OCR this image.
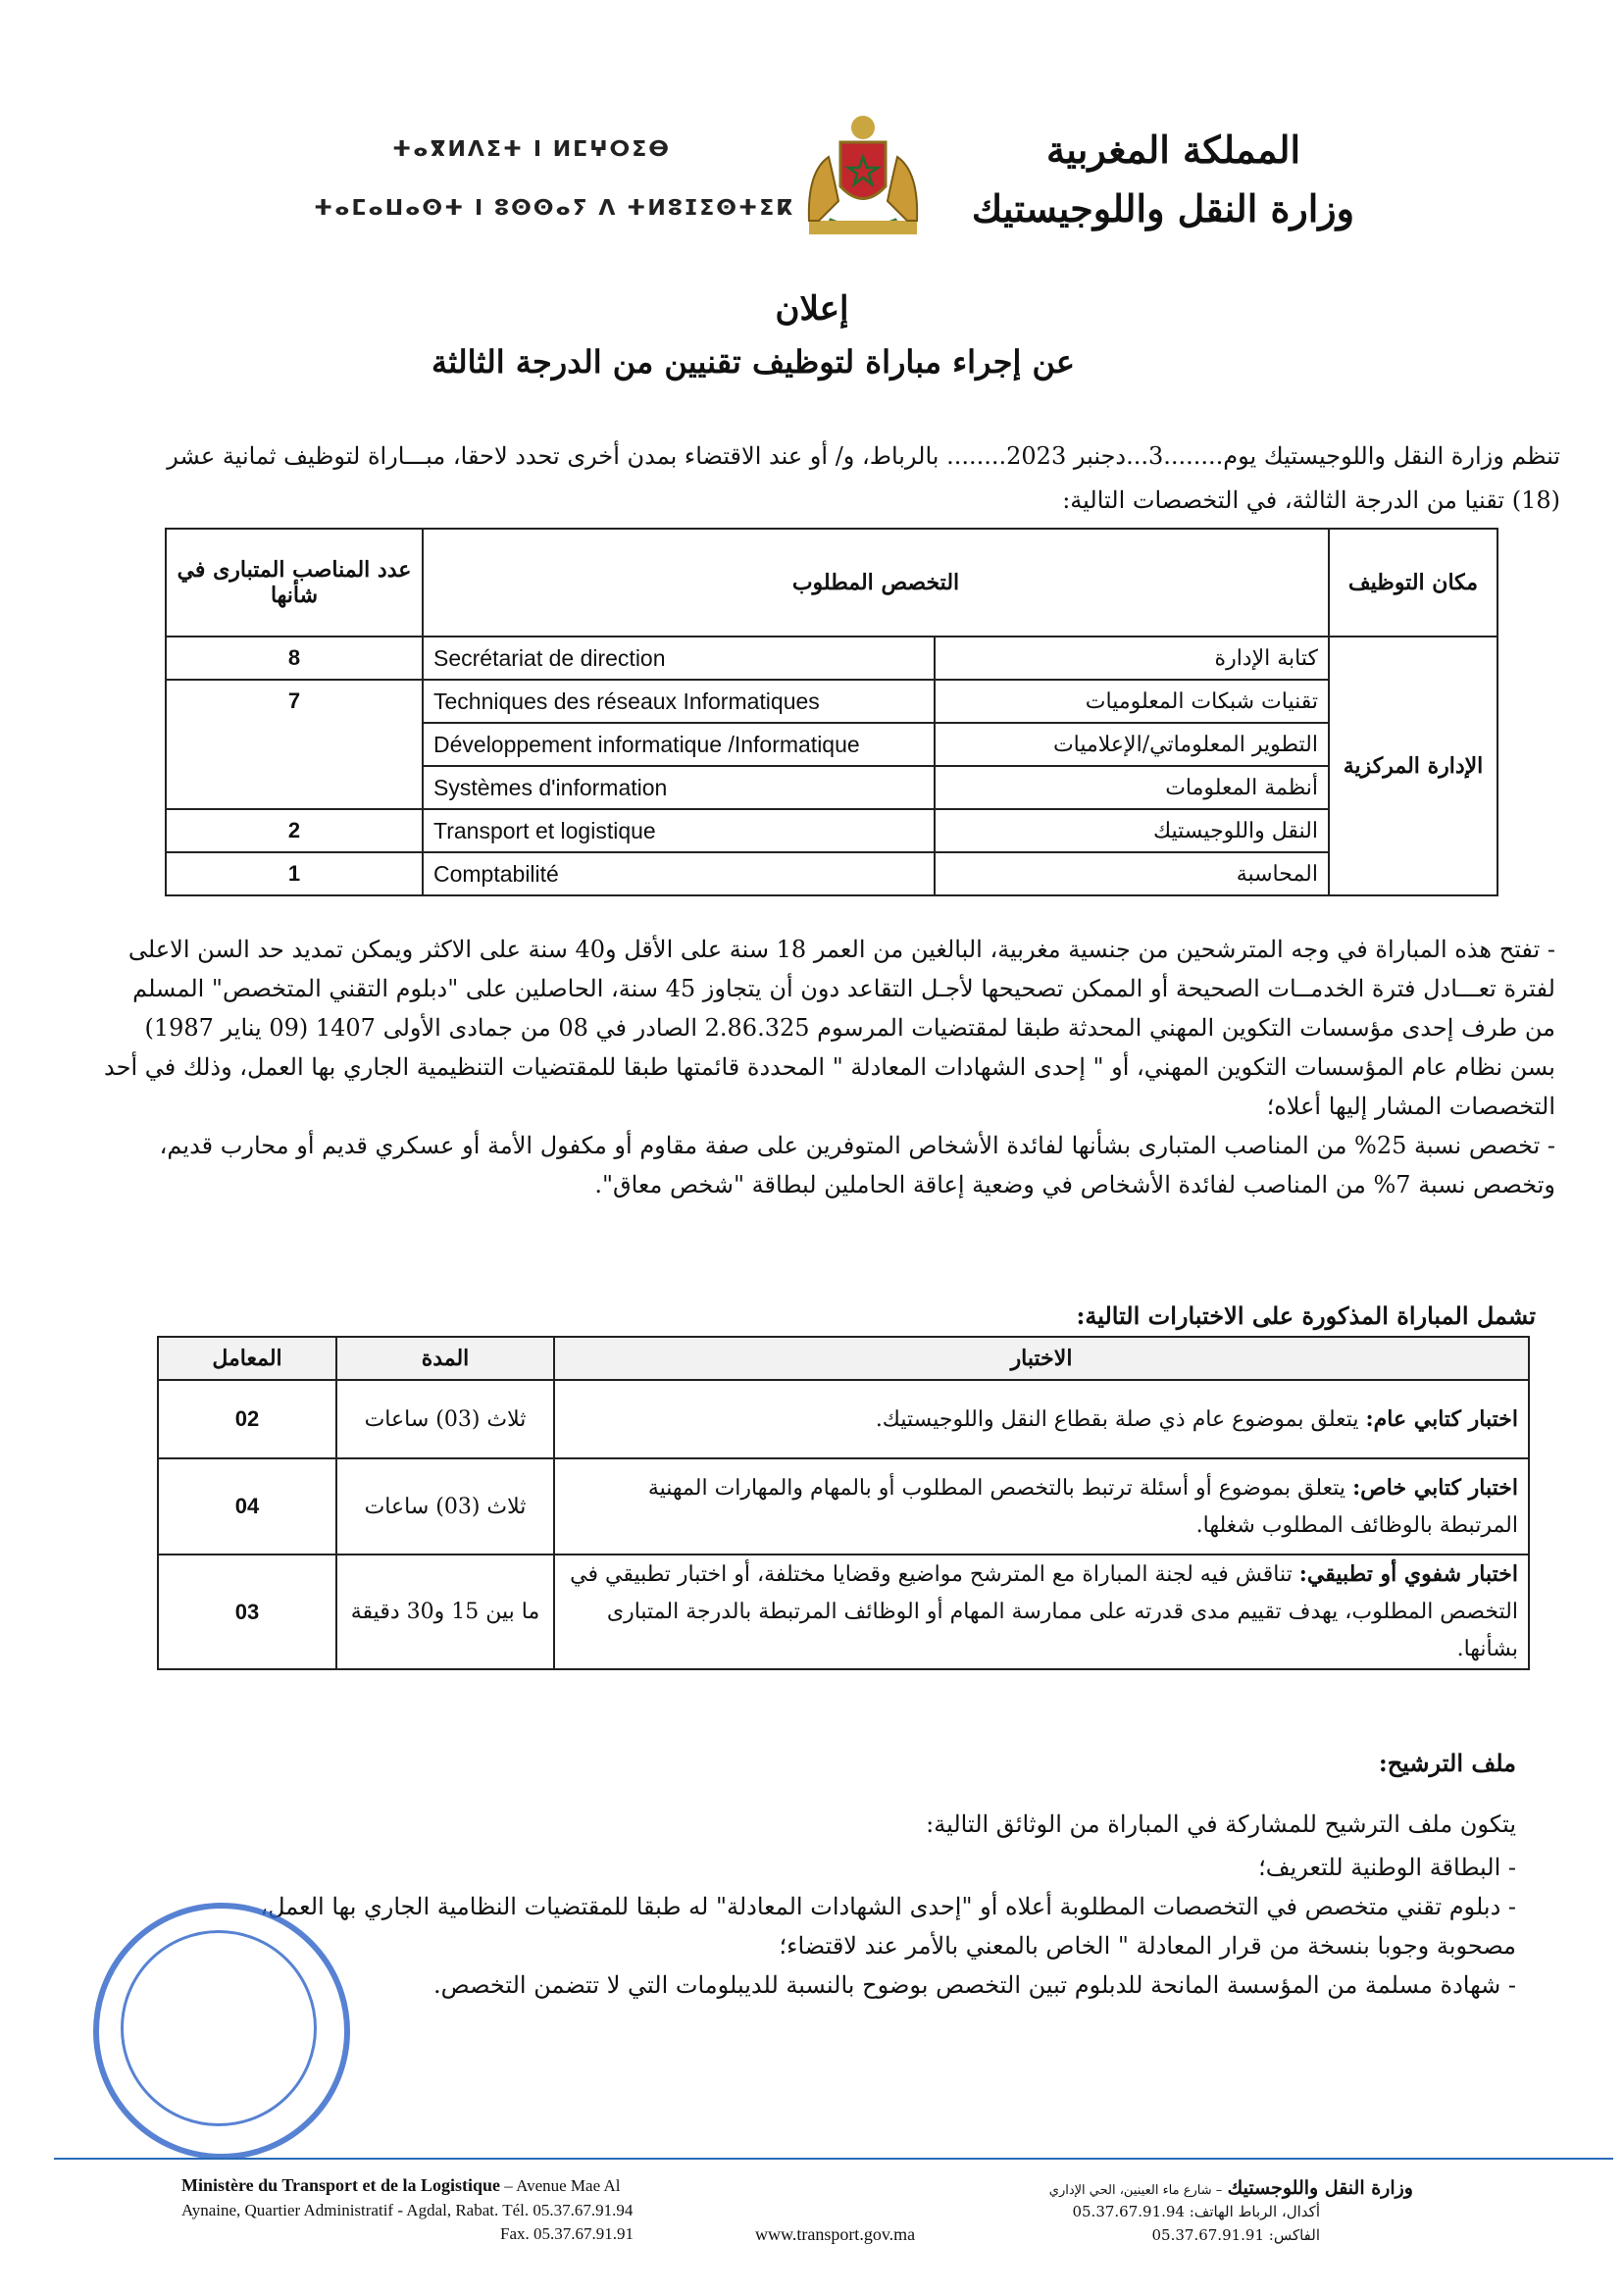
ⵜⴰⴳⵍⴷⵉⵜ ⵏ ⵍⵎⵖⵔⵉⴱ
ⵜⴰⵎⴰⵡⴰⵙⵜ ⵏ ⵓⵙⵙⴰⵢ ⴷ ⵜⵍⵓⵊⵉⵙⵜⵉⴽ
المملكة المغربية
وزارة النقل واللوجيستيك
إعلان
عن إجراء مباراة لتوظيف تقنيين من الدرجة الثالثة
تنظم وزارة النقل واللوجيستيك يوم........3...دجنبر 2023........ بالرباط، و/ أو عند الاقتضاء بمدن أخرى تحدد لاحقا، مبـــاراة لتوظيف ثمانية عشر
(18) تقنيا من الدرجة الثالثة، في التخصصات التالية:
مكان التوظيف	التخصص المطلوب		عدد المناصب المتبارى في شأنها
الإدارة المركزية	كتابة الإدارة	Secrétariat de direction	8
	تقنيات شبكات المعلوميات	Techniques des réseaux Informatiques	7
	التطوير المعلوماتي/الإعلاميات	Développement informatique /Informatique	
	أنظمة المعلومات	Systèmes d'information	
	النقل واللوجيستيك	Transport et logistique	2
	المحاسبة	Comptabilité	1
- تفتح هذه المباراة في وجه المترشحين من جنسية مغربية، البالغين من العمر 18 سنة على الأقل و40 سنة على الاكثر ويمكن تمديد حد السن الاعلى
لفترة تعـــادل فترة الخدمــات الصحيحة أو الممكن تصحيحها لأجـل التقاعد دون أن يتجاوز 45 سنة، الحاصلين على "دبلوم التقني المتخصص" المسلم
من طرف إحدى مؤسسات التكوين المهني المحدثة طبقا لمقتضيات المرسوم 2.86.325 الصادر في 08 من جمادى الأولى 1407 (09 يناير 1987)
بسن نظام عام المؤسسات التكوين المهني، أو " إحدى الشهادات المعادلة " المحددة قائمتها طبقا للمقتضيات التنظيمية الجاري بها العمل، وذلك في أحد
التخصصات المشار إليها أعلاه؛
- تخصص نسبة 25% من المناصب المتبارى بشأنها لفائدة الأشخاص المتوفرين على صفة مقاوم أو مكفول الأمة أو عسكري قديم أو محارب قديم،
وتخصص نسبة 7% من المناصب لفائدة الأشخاص في وضعية إعاقة الحاملين لبطاقة "شخص معاق".
تشمل المباراة المذكورة على الاختبارات التالية:
الاختبار	المدة	المعامل
اختبار كتابي عام: يتعلق بموضوع عام ذي صلة بقطاع النقل واللوجيستيك.	ثلاث (03) ساعات	02
اختبار كتابي خاص: يتعلق بموضوع أو أسئلة ترتبط بالتخصص المطلوب أو بالمهام والمهارات المهنية المرتبطة بالوظائف المطلوب شغلها.	ثلاث (03) ساعات	04
اختبار شفوي أو تطبيقي: تناقش فيه لجنة المباراة مع المترشح مواضيع وقضايا مختلفة، أو اختبار تطبيقي في التخصص المطلوب، يهدف تقييم مدى قدرته على ممارسة المهام أو الوظائف المرتبطة بالدرجة المتبارى بشأنها.	ما بين 15 و30 دقيقة	03
ملف الترشيح:
يتكون ملف الترشيح للمشاركة في المباراة من الوثائق التالية:
- البطاقة الوطنية للتعريف؛
- دبلوم تقني متخصص في التخصصات المطلوبة أعلاه أو "إحدى الشهادات المعادلة" له طبقا للمقتضيات النظامية الجاري بها العمل،
مصحوبة وجوبا بنسخة من قرار المعادلة " الخاص بالمعني بالأمر عند لاقتضاء؛
- شهادة مسلمة من المؤسسة المانحة للدبلوم تبين التخصص بوضوح بالنسبة للديبلومات التي لا تتضمن التخصص.
Ministère du Transport et de la Logistique – Avenue Mae Al
Aynaine, Quartier Administratif - Agdal, Rabat. Tél. 05.37.67.91.94
Fax. 05.37.67.91.91	www.transport.gov.ma
وزارة النقل واللوجستيك – شارع ماء العينين، الحي الإداري
أكدال، الرباط الهاتف: 05.37.67.91.94
الفاكس: 05.37.67.91.91
